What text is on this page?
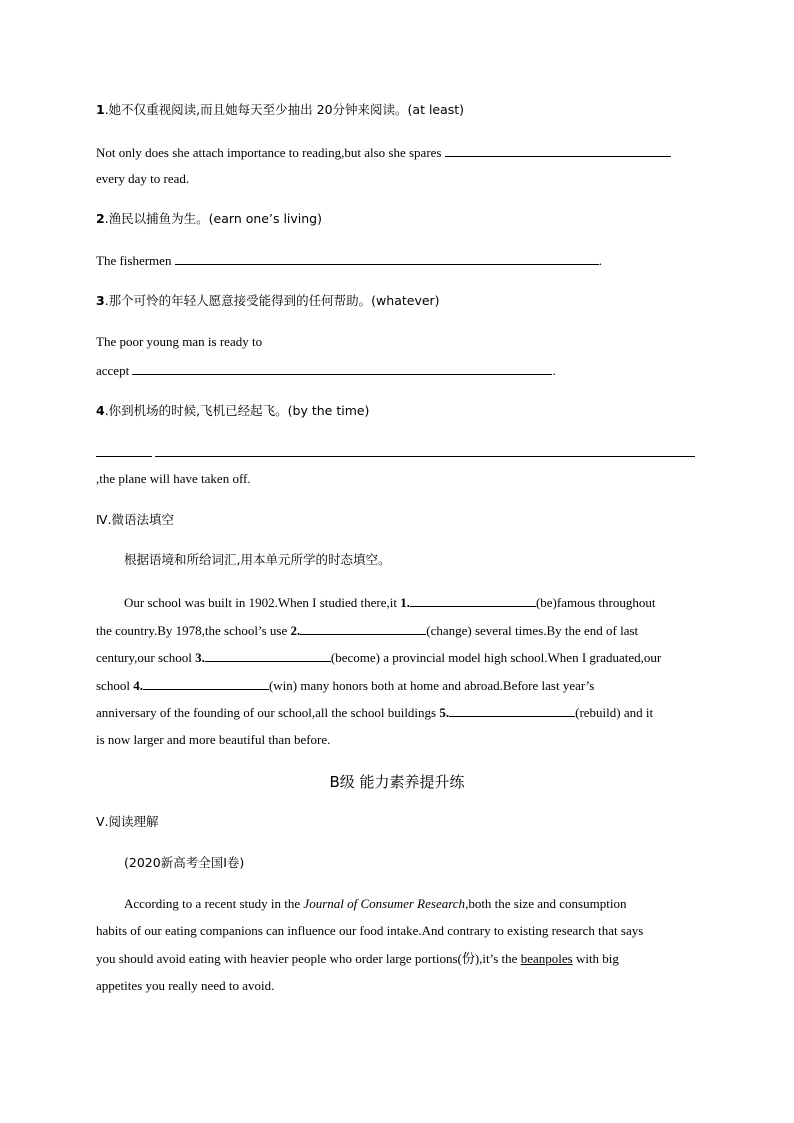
1.她不仅重视阅读,而且她每天至少抽出 20分钟来阅读。(at least)
Not only does she attach importance to reading,but also she spares
every day to read.
2.渔民以捕鱼为生。(earn one’s living)
The fishermen	.
3.那个可怜的年轻人愿意接受能得到的任何帮助。(whatever)
The poor young man is ready to
accept	.
4.你到机场的时候,飞机已经起飞。(by the time)

,the plane will have taken off.
Ⅳ.微语法填空
根据语境和所给词汇,用本单元所学的时态填空。
Our school was built in 1902.When I studied there,it 1.	(be)famous throughout
the country.By 1978,the school’s use 2.	(change) several times.By the end of last
century,our school 3.	(become) a provincial model high school.When I graduated,our
school 4.	(win) many honors both at home and abroad.Before last year’s
anniversary of the founding of our school,all the school buildings 5.	(rebuild) and it
is now larger and more beautiful than before.
B级 能力素养提升练
Ⅴ.阅读理解
(2020新高考全国Ⅰ卷)
According to a recent study in the Journal of Consumer Research,both the size and consumption
habits of our eating companions can influence our food intake.And contrary to existing research that says
you should avoid eating with heavier people who order large portions(份),it’s the beanpoles with big
appetites you really need to avoid.
